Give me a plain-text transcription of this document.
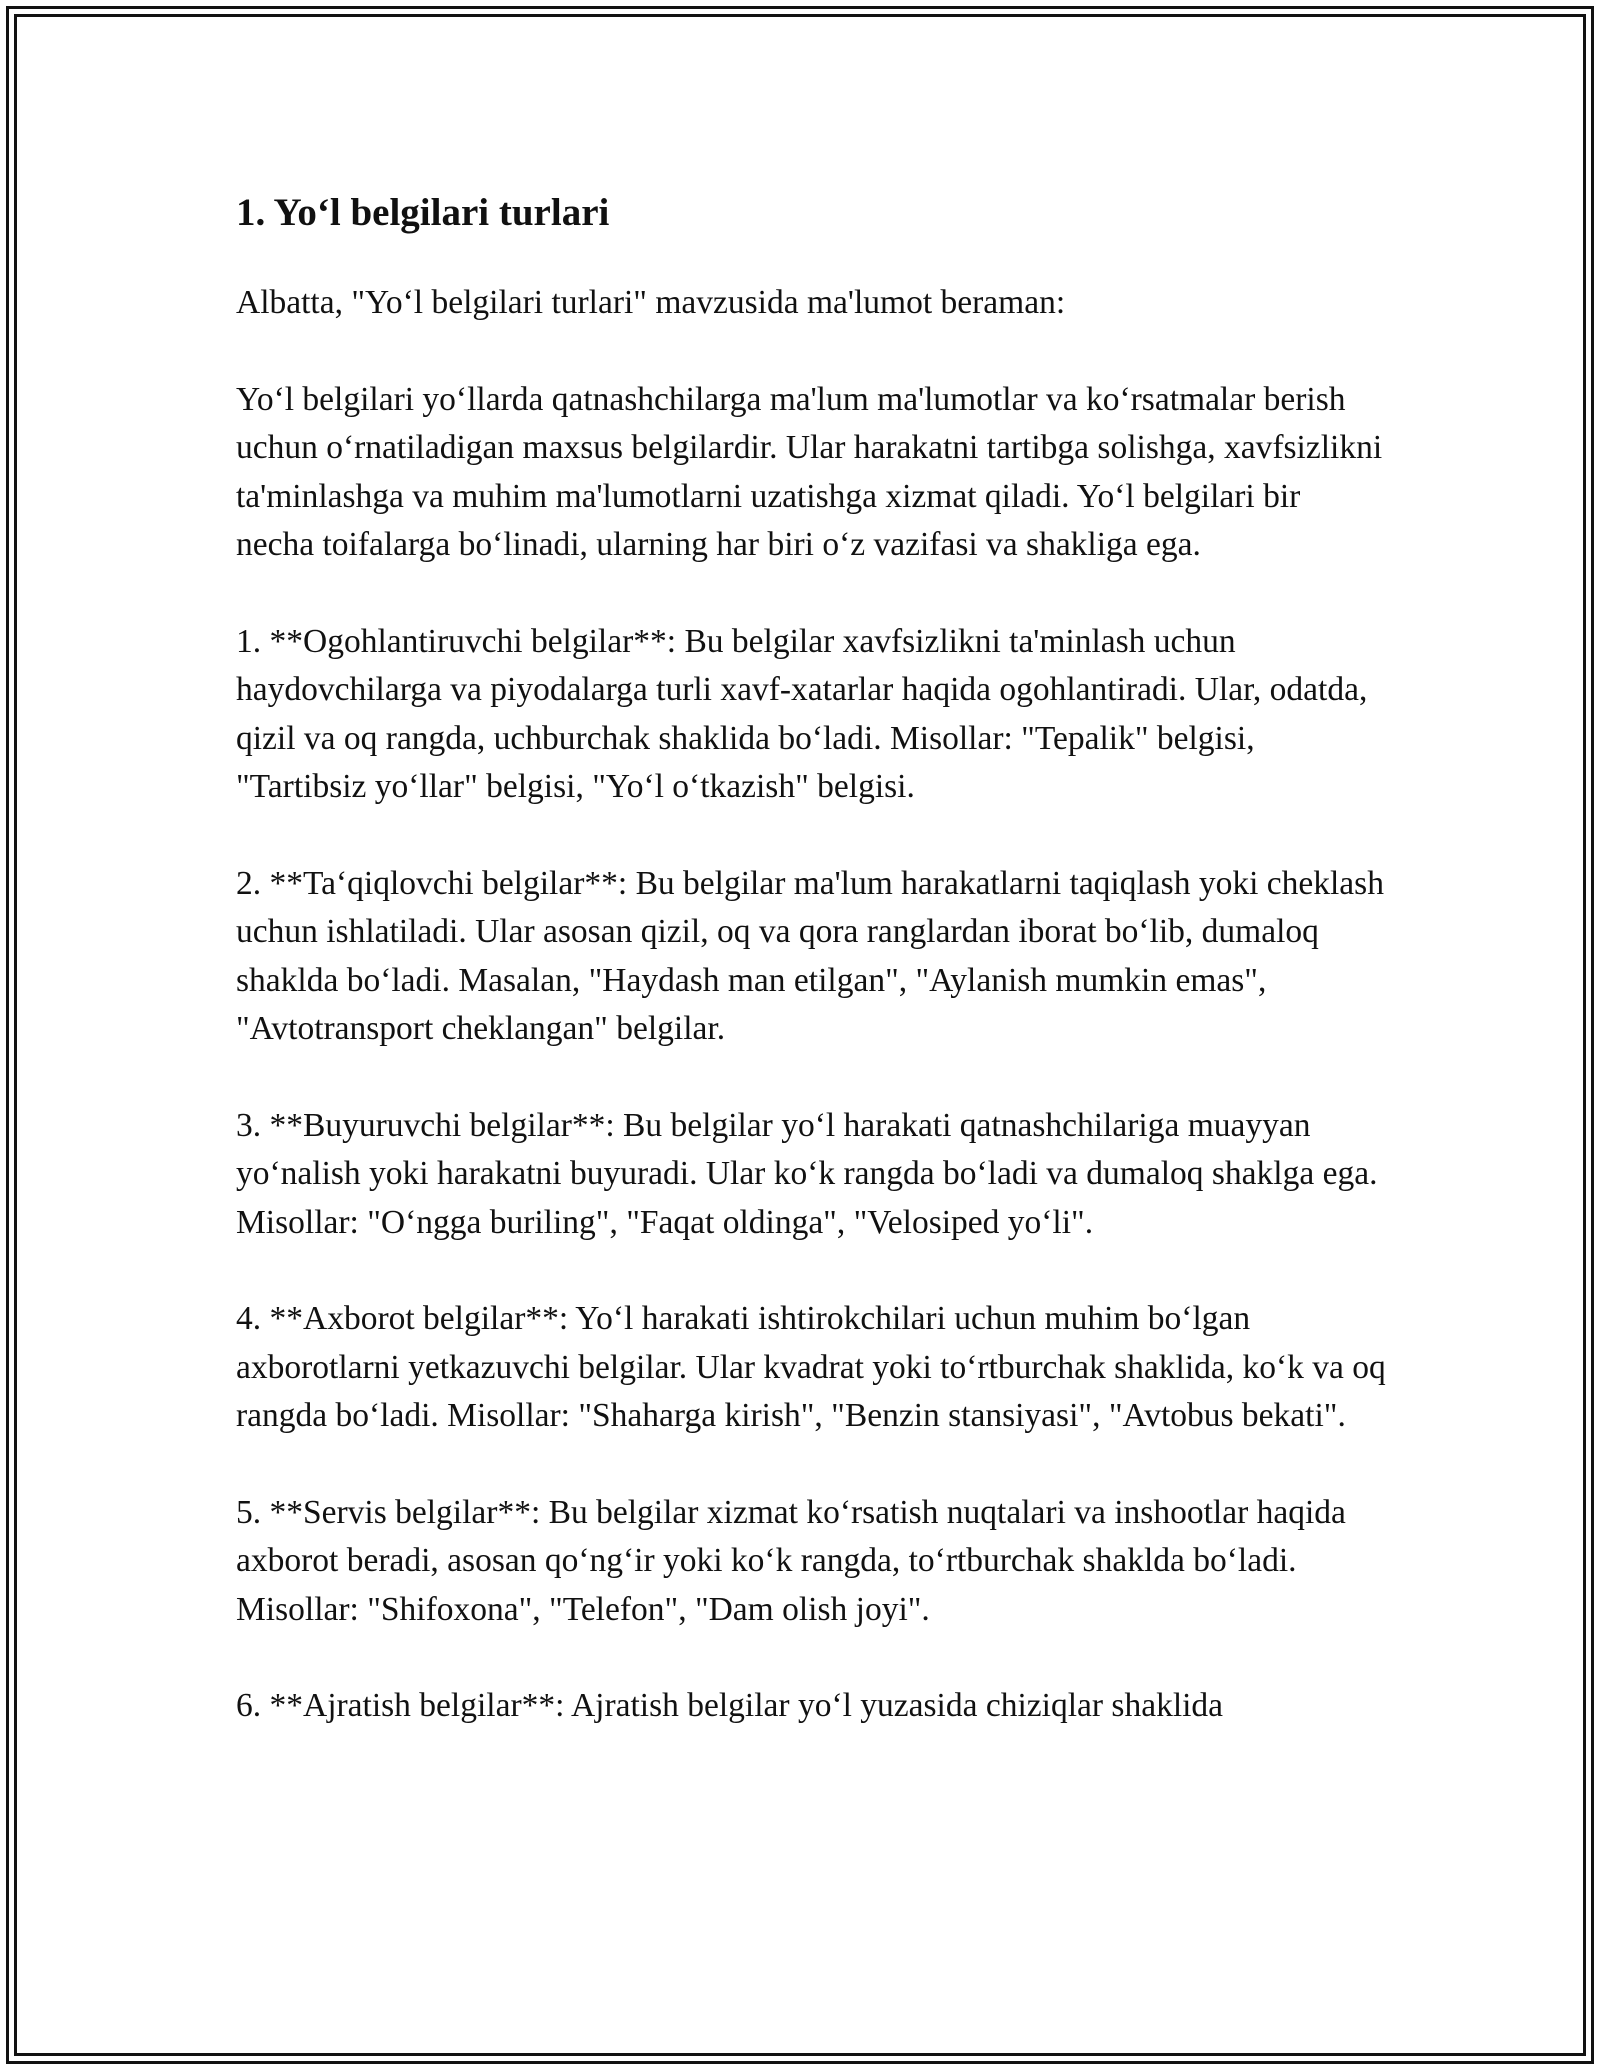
1. Yo‘l belgilari turlari

Albatta, "Yo‘l belgilari turlari" mavzusida ma'lumot beraman:

Yo‘l belgilari yo‘llarda qatnashchilarga ma'lum ma'lumotlar va ko‘rsatmalar berish uchun o‘rnatiladigan maxsus belgilardir. Ular harakatni tartibga solishga, xavfsizlikni ta'minlashga va muhim ma'lumotlarni uzatishga xizmat qiladi. Yo‘l belgilari bir necha toifalarga bo‘linadi, ularning har biri o‘z vazifasi va shakliga ega.

1. **Ogohlantiruvchi belgilar**: Bu belgilar xavfsizlikni ta'minlash uchun haydovchilarga va piyodalarga turli xavf-xatarlar haqida ogohlantiradi. Ular, odatda, qizil va oq rangda, uchburchak shaklida bo‘ladi. Misollar: "Tepalik" belgisi, "Tartibsiz yo‘llar" belgisi, "Yo‘l o‘tkazish" belgisi.

2. **Ta‘qiqlovchi belgilar**: Bu belgilar ma'lum harakatlarni taqiqlash yoki cheklash uchun ishlatiladi. Ular asosan qizil, oq va qora ranglardan iborat bo‘lib, dumaloq shaklda bo‘ladi. Masalan, "Haydash man etilgan", "Aylanish mumkin emas", "Avtotransport cheklangan" belgilar.

3. **Buyuruvchi belgilar**: Bu belgilar yo‘l harakati qatnashchilariga muayyan yo‘nalish yoki harakatni buyuradi. Ular ko‘k rangda bo‘ladi va dumaloq shaklga ega. Misollar: "O‘ngga buriling", "Faqat oldinga", "Velosiped yo‘li".

4. **Axborot belgilar**: Yo‘l harakati ishtirokchilari uchun muhim bo‘lgan axborotlarni yetkazuvchi belgilar. Ular kvadrat yoki to‘rtburchak shaklida, ko‘k va oq rangda bo‘ladi. Misollar: "Shaharga kirish", "Benzin stansiyasi", "Avtobus bekati".

5. **Servis belgilar**: Bu belgilar xizmat ko‘rsatish nuqtalari va inshootlar haqida axborot beradi, asosan qo‘ng‘ir yoki ko‘k rangda, to‘rtburchak shaklda bo‘ladi. Misollar: "Shifoxona", "Telefon", "Dam olish joyi".

6. **Ajratish belgilar**: Ajratish belgilar yo‘l yuzasida chiziqlar shaklida
